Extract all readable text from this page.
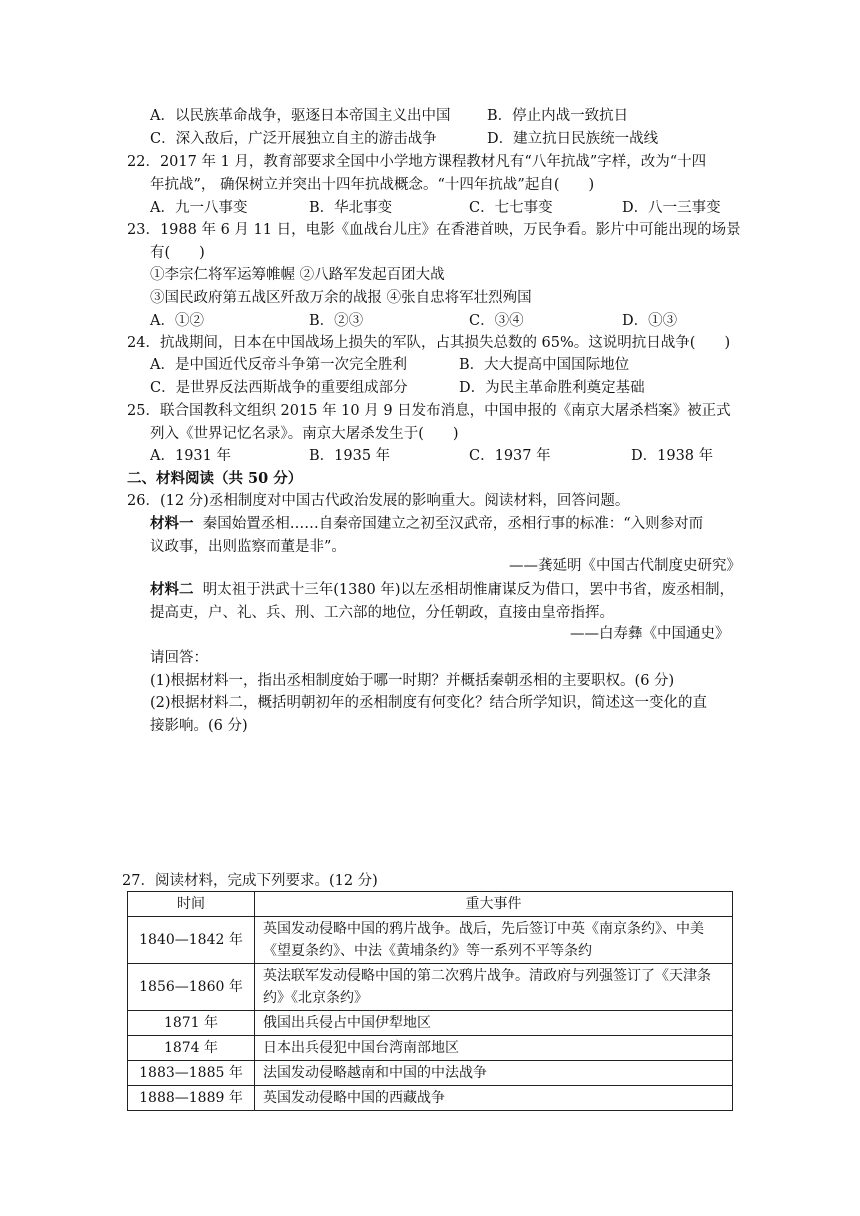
A．以民族革命战争，驱逐日本帝国主义出中国	B．停止内战一致抗日
C．深入敌后，广泛开展独立自主的游击战争	D．建立抗日民族统一战线
22．2017 年 1 月，教育部要求全国中小学地方课程教材凡有“八年抗战”字样，改为“十四
年抗战”， 确保树立并突出十四年抗战概念。“十四年抗战”起自(　　)
A．九一八事变	B．华北事变	C．七七事变	D．八一三事变
23．1988 年 6 月 11 日，电影《血战台儿庄》在香港首映，万民争看。影片中可能出现的场景
有(　　)
①李宗仁将军运筹帷幄 ②八路军发起百团大战
③国民政府第五战区歼敌万余的战报 ④张自忠将军壮烈殉国
A．①②	B．②③	C．③④	D．①③
24．抗战期间，日本在中国战场上损失的军队，占其损失总数的 65%。这说明抗日战争(　　)
A．是中国近代反帝斗争第一次完全胜利	B．大大提高中国国际地位
C．是世界反法西斯战争的重要组成部分	D．为民主革命胜利奠定基础
25．联合国教科文组织 2015 年 10 月 9 日发布消息，中国申报的《南京大屠杀档案》被正式
列入《世界记忆名录》。南京大屠杀发生于(　　)
A．1931 年	B．1935 年	C．1937 年	D．1938 年
二、材料阅读（共 50 分）
26．(12 分)丞相制度对中国古代政治发展的影响重大。阅读材料，回答问题。
材料一 秦国始置丞相……自秦帝国建立之初至汉武帝，丞相行事的标准：“入则参对而
议政事，出则监察而董是非”。
——龚延明《中国古代制度史研究》
材料二 明太祖于洪武十三年(1380 年)以左丞相胡惟庸谋反为借口，罢中书省，废丞相制，
提高吏，户、礼、兵、刑、工六部的地位，分任朝政，直接由皇帝指挥。
——白寿彝《中国通史》
请回答：
(1)根据材料一，指出丞相制度始于哪一时期？并概括秦朝丞相的主要职权。(6 分)
(2)根据材料二，概括明朝初年的丞相制度有何变化？结合所学知识，简述这一变化的直
接影响。(6 分)
27．阅读材料，完成下列要求。(12 分)
时间	重大事件
1840—1842 年	英国发动侵略中国的鸦片战争。战后，先后签订中英《南京条约》、中美《望夏条约》、中法《黄埔条约》等一系列不平等条约
1856—1860 年	英法联军发动侵略中国的第二次鸦片战争。清政府与列强签订了《天津条约》《北京条约》
1871 年	俄国出兵侵占中国伊犁地区
1874 年	日本出兵侵犯中国台湾南部地区
1883—1885 年	法国发动侵略越南和中国的中法战争
1888—1889 年	英国发动侵略中国的西藏战争
